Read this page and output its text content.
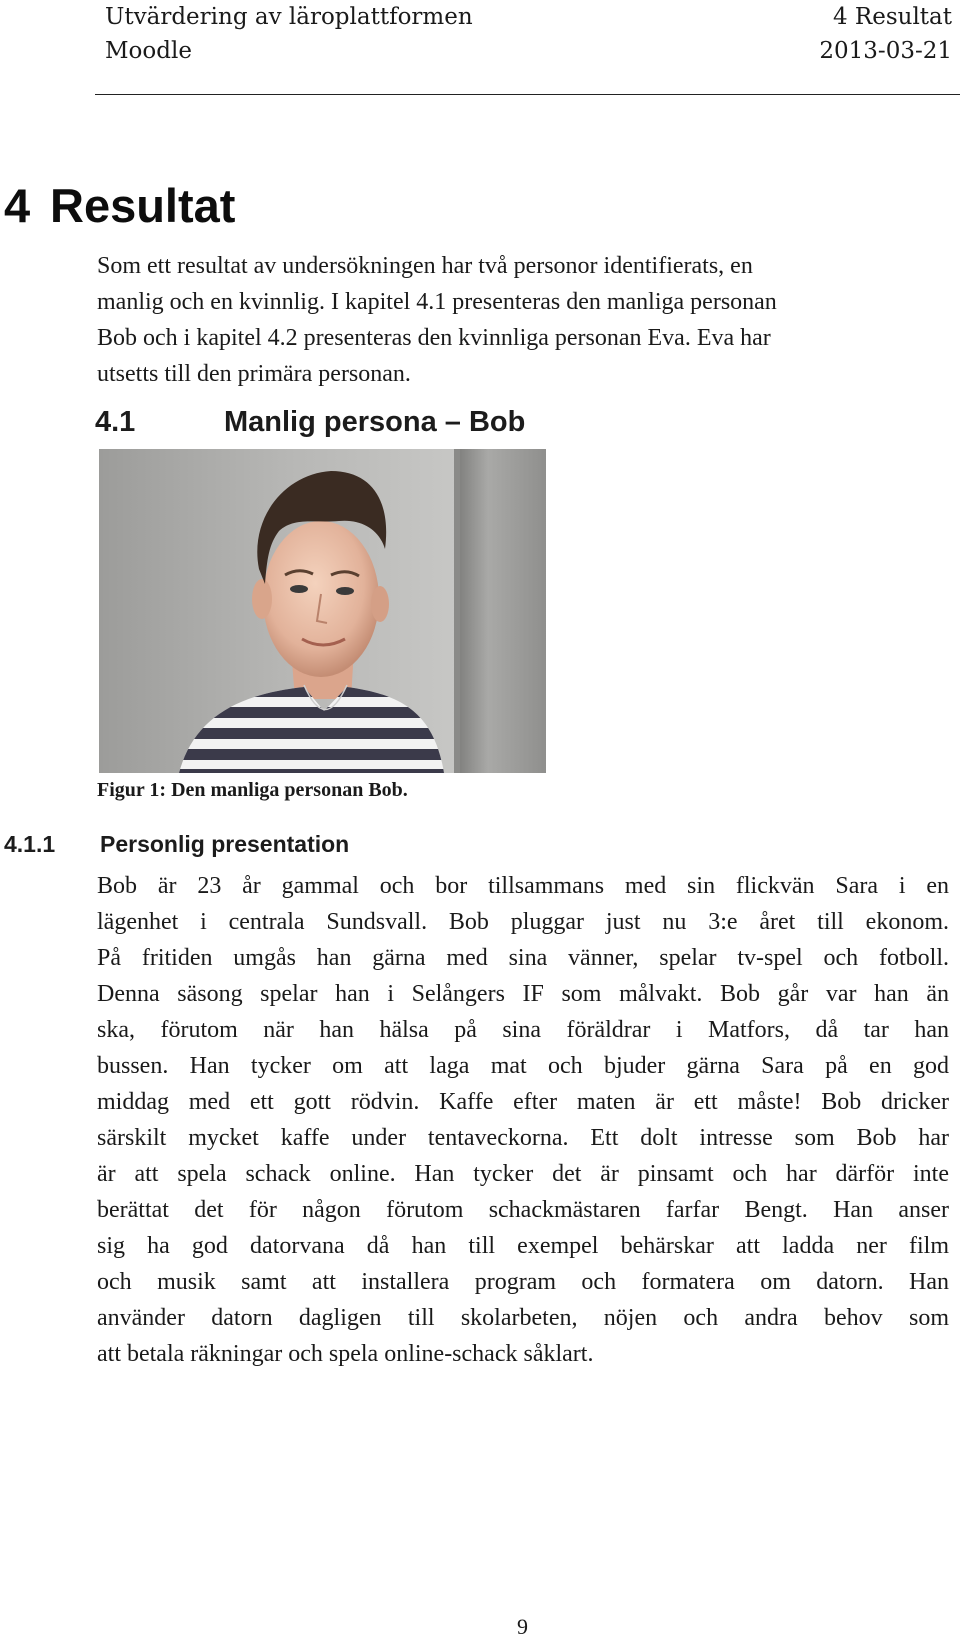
Utvärdering av läroplattformen
Moodle
4 Resultat
2013-03-21
4 Resultat
Som ett resultat av undersökningen har två personor identifierats, en
manlig och en kvinnlig. I kapitel 4.1 presenteras den manliga personan
Bob och i kapitel 4.2 presenteras den kvinnliga personan Eva. Eva har
utsetts till den primära personan.
4.1	Manlig persona – Bob
Figur 1: Den manliga personan Bob.
4.1.1 Personlig presentation
Bob är 23 år gammal och bor tillsammans med sin flickvän Sara i en
lägenhet i centrala Sundsvall. Bob pluggar just nu 3:e året till ekonom.
På fritiden umgås han gärna med sina vänner, spelar tv-spel och fotboll.
Denna säsong spelar han i Selångers IF som målvakt. Bob går var han än
ska, förutom när han hälsa på sina föräldrar i Matfors, då tar han
bussen. Han tycker om att laga mat och bjuder gärna Sara på en god
middag med ett gott rödvin. Kaffe efter maten är ett måste! Bob dricker
särskilt mycket kaffe under tentaveckorna. Ett dolt intresse som Bob har
är att spela schack online. Han tycker det är pinsamt och har därför inte
berättat det för någon förutom schackmästaren farfar Bengt. Han anser
sig ha god datorvana då han till exempel behärskar att ladda ner film
och musik samt att installera program och formatera om datorn. Han
använder datorn dagligen till skolarbeten, nöjen och andra behov som
att betala räkningar och spela online-schack såklart.
9
